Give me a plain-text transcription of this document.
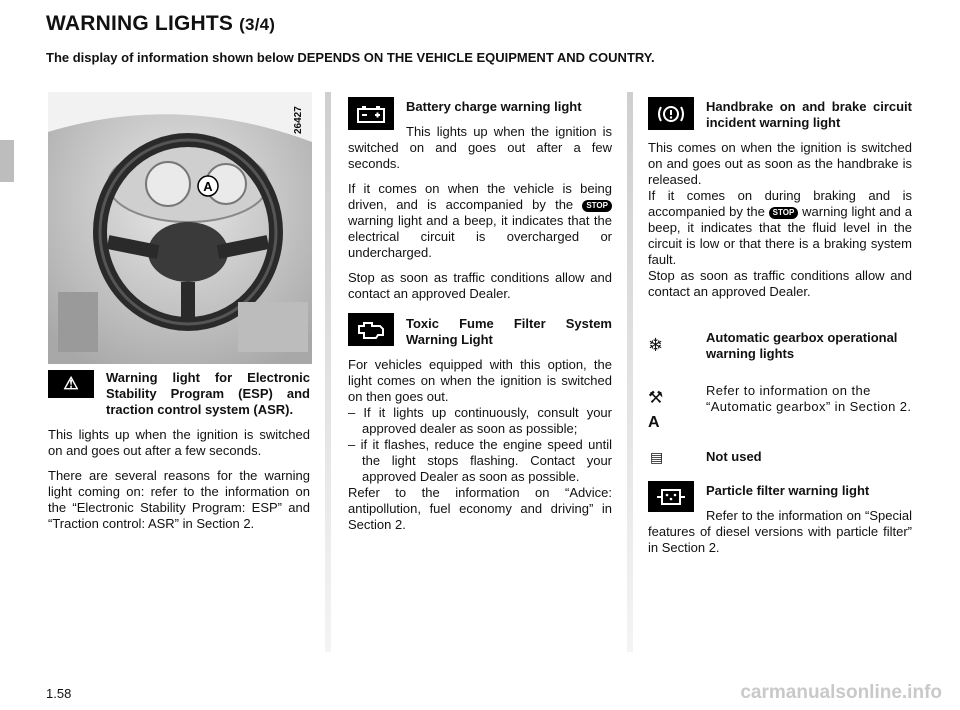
WARNING LIGHTS (3/4)
The display of information shown below DEPENDS ON THE VEHICLE EQUIPMENT AND COUNTRY.
A
26427
⚠	Warning light for Electronic Stability Program (ESP) and traction control system (ASR).

This lights up when the ignition is switched on and goes out after a few seconds.

There are several reasons for the warning light coming on: refer to the information on the “Electronic Stability Program: ESP” and “Traction control: ASR” in Section 2.

Battery charge warning light

This lights up when the ignition is switched on and goes out after a few seconds.

If it comes on when the vehicle is being driven, and is accompanied by the STOP warning light and a beep, it indicates that the electrical circuit is overcharged or undercharged.

Stop as soon as traffic conditions allow and contact an approved Dealer.

Toxic Fume Filter System Warning Light

For vehicles equipped with this option, the light comes on when the ignition is switched on then goes out.

– If it lights up continuously, consult your approved dealer as soon as possible;

– if it flashes, reduce the engine speed until the light stops flashing. Contact your approved Dealer as soon as possible.

Refer to the information on “Advice: antipollution, fuel economy and driving” in Section 2.

Handbrake on and brake circuit incident warning light

This comes on when the ignition is switched on and goes out as soon as the handbrake is released.

If it comes on during braking and is accompanied by the STOP warning light and a beep, it indicates that the fluid level in the circuit is low or that there is a braking system fault.

Stop as soon as traffic conditions allow and contact an approved Dealer.

❄	Automatic gearbox operational warning lights
⚒
A
Refer to information on the “Automatic gearbox” in Section 2.
▤	Not used

Particle filter warning light

Refer to the information on “Special features of diesel versions with particle filter” in Section 2.

1.58	carmanualsonline.info
